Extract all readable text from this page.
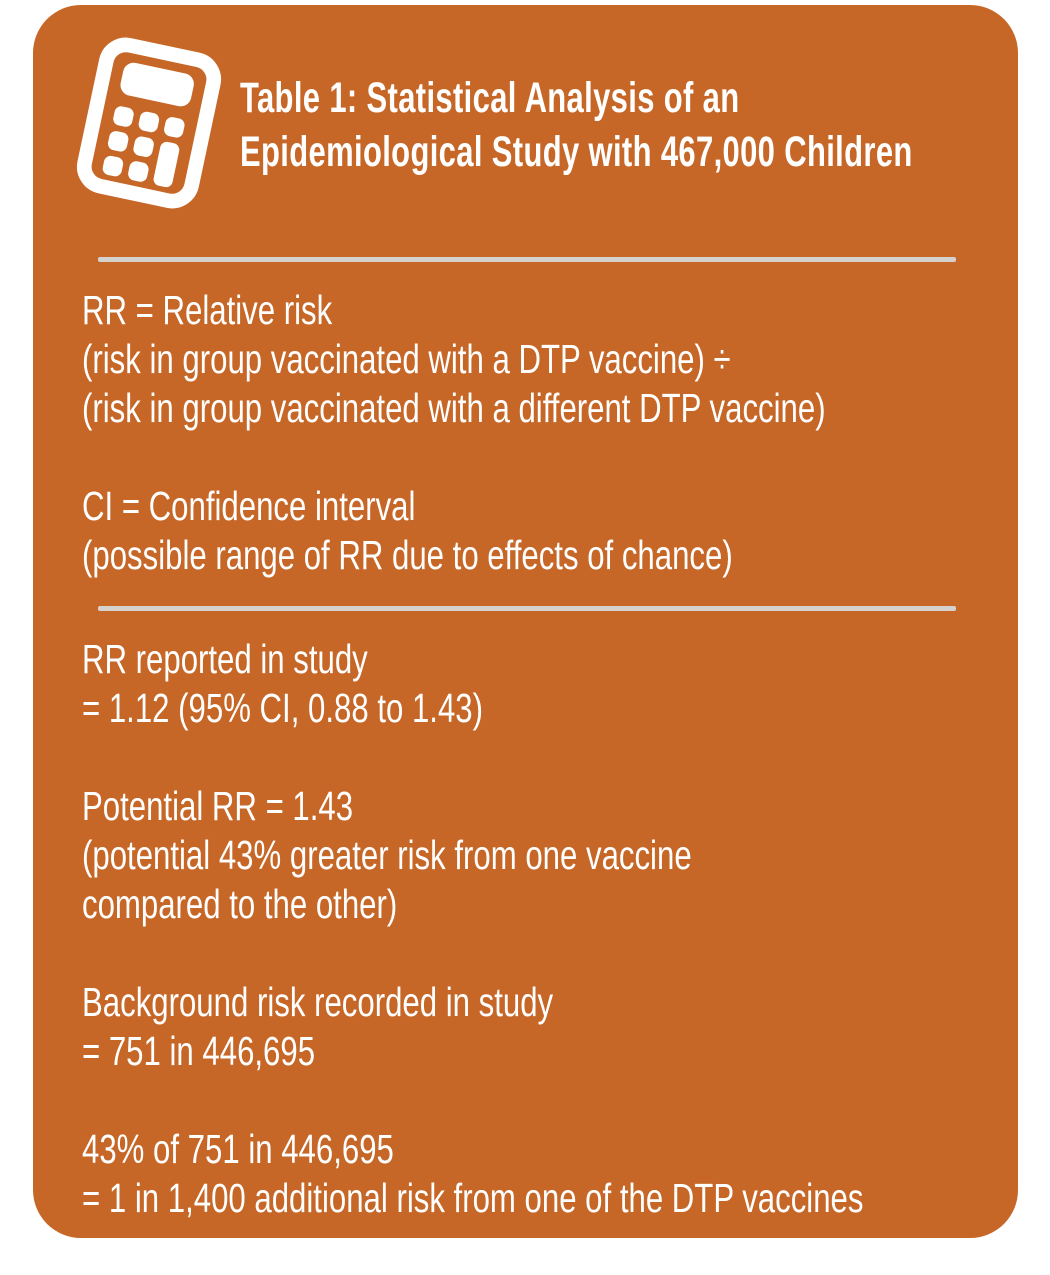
Table 1: Statistical Analysis of an
Epidemiological Study with 467,000 Children

RR = Relative risk
(risk in group vaccinated with a DTP vaccine) ÷
(risk in group vaccinated with a different DTP vaccine)

CI = Confidence interval
(possible range of RR due to effects of chance)

RR reported in study
= 1.12 (95% CI, 0.88 to 1.43)

Potential RR = 1.43
(potential 43% greater risk from one vaccine
compared to the other)

Background risk recorded in study
= 751 in 446,695

43% of 751 in 446,695
= 1 in 1,400 additional risk from one of the DTP vaccines
